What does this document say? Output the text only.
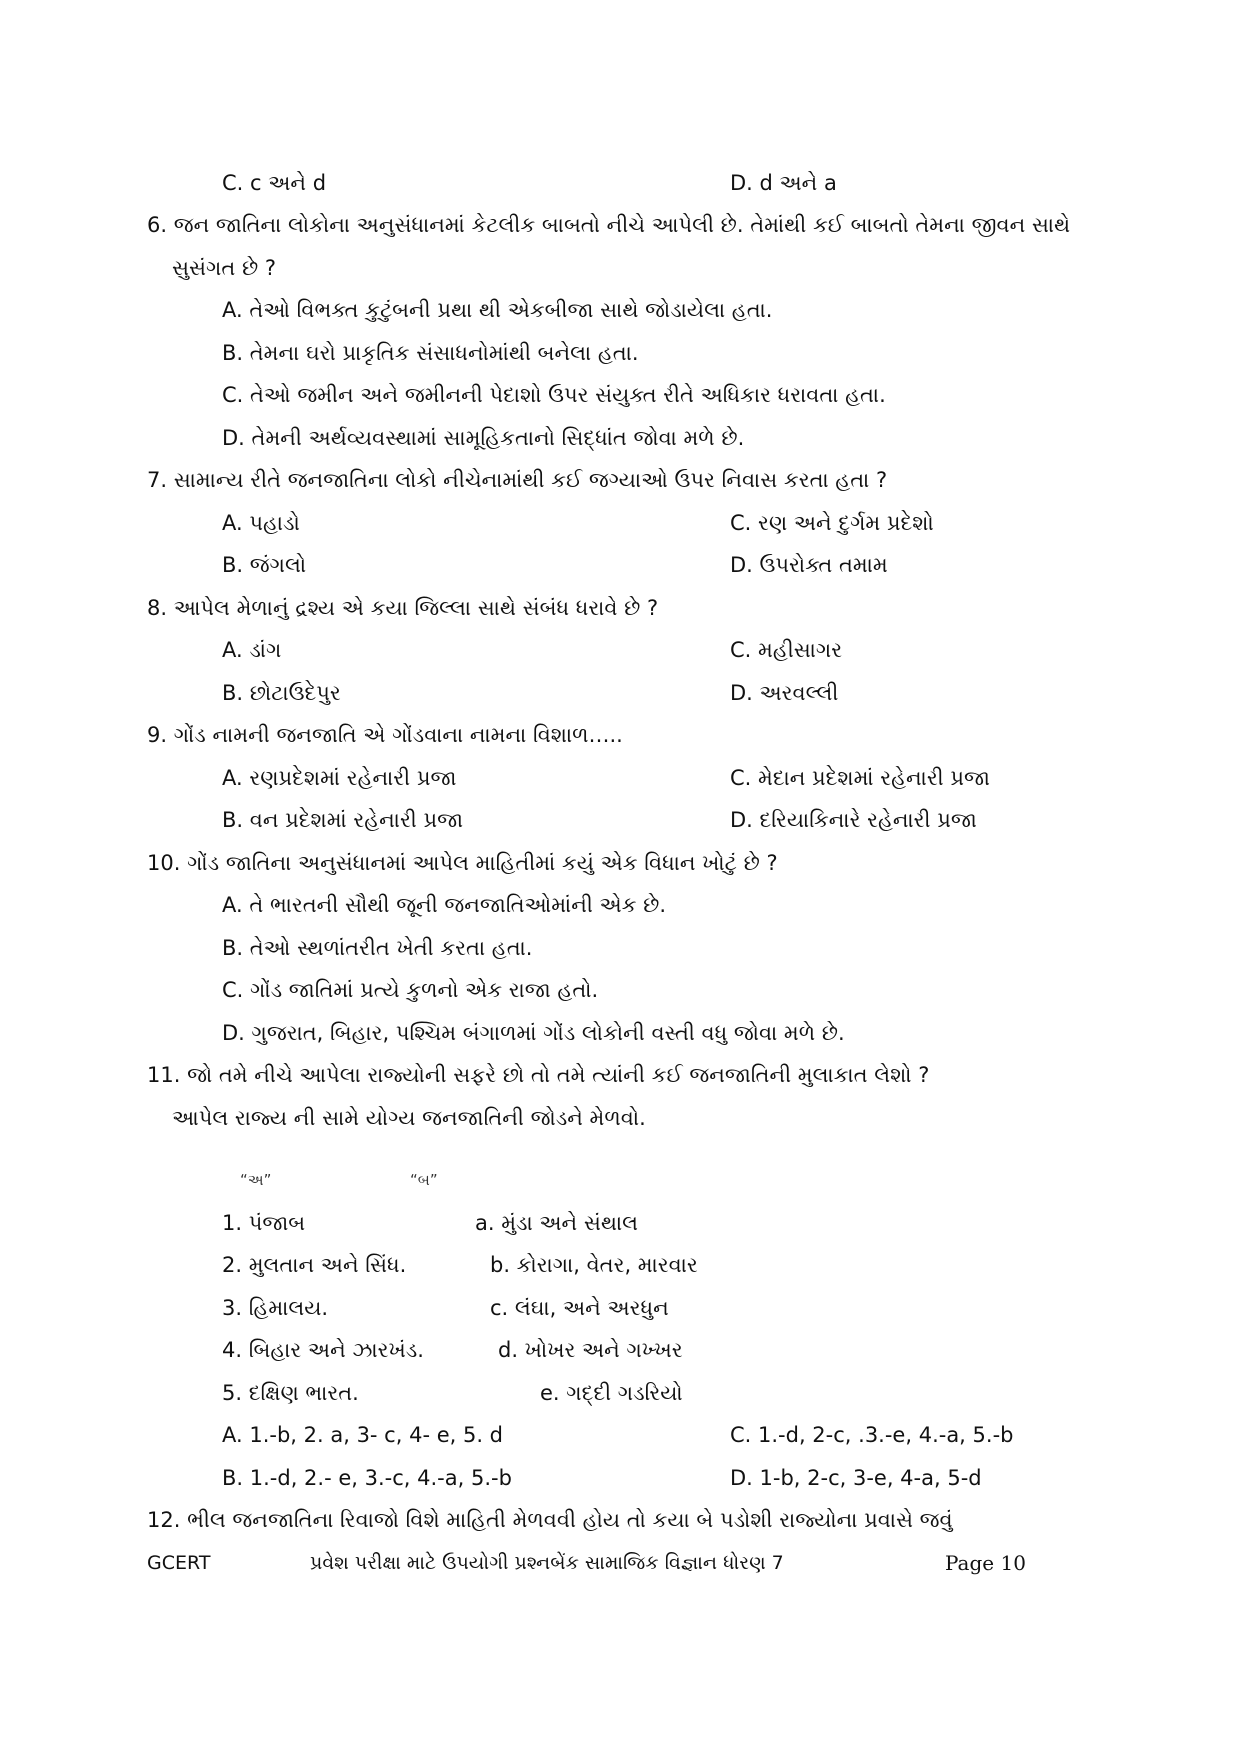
C. c અને d	D. d અને a
6. જન જાતિના લોકોના અનુસંધાનમાં કેટલીક બાબતો નીચે આપેલી છે. તેમાંથી કઈ બાબતો તેમના જીવન સાથે
સુસંગત છે ?
A. તેઓ વિભક્ત કુટુંબની પ્રથા થી એકબીજા સાથે જોડાયેલા હતા.
B. તેમના ઘરો પ્રાકૃતિક સંસાધનોમાંથી બનેલા હતા.
C. તેઓ જમીન અને જમીનની પેદાશો ઉપર સંયુક્ત રીતે અધિકાર ધરાવતા હતા.
D. તેમની અર્થવ્યવસ્થામાં સામૂહિકતાનો સિદ્ધાંત જોવા મળે છે.
7. સામાન્ય રીતે જનજાતિના લોકો નીચેનામાંથી કઈ જગ્યાઓ ઉપર નિવાસ કરતા હતા ?
A. પહાડો	C. રણ અને દુર્ગમ પ્રદેશો
B. જંગલો	D. ઉપરોક્ત તમામ
8. આપેલ મેળાનું દ્રશ્ય એ કયા જિલ્લા સાથે સંબંધ ધરાવે છે ?
A. ડાંગ	C. મહીસાગર
B. છોટાઉદેપુર	D. અરવલ્લી
9. ગોંડ નામની જનજાતિ એ ગોંડવાના નામના વિશાળ…..
A. રણપ્રદેશમાં રહેનારી પ્રજા	C. મેદાન પ્રદેશમાં રહેનારી પ્રજા
B. વન પ્રદેશમાં રહેનારી પ્રજા	D. દરિયાકિનારે રહેનારી પ્રજા
10. ગોંડ જાતિના અનુસંધાનમાં આપેલ માહિતીમાં કયું એક વિધાન ખોટું છે ?
A. તે ભારતની સૌથી જૂની જનજાતિઓમાંની એક છે.
B. તેઓ સ્થળાંતરીત ખેતી કરતા હતા.
C. ગોંડ જાતિમાં પ્રત્યે કુળનો એક રાજા હતો.
D. ગુજરાત, બિહાર, પશ્ચિમ બંગાળમાં ગોંડ લોકોની વસ્તી વધુ જોવા મળે છે.
11. જો તમે નીચે આપેલા રાજ્યોની સફરે છો તો તમે ત્યાંની કઈ જનજાતિની મુલાકાત લેશો ?
આપેલ રાજ્ય ની સામે યોગ્ય જનજાતિની જોડને મેળવો.
“અ”	“બ”
1. પંજાબ	a. મુંડા અને સંથાલ
2. મુલતાન અને સિંધ.	b. કોરાગા, વેતર, મારવાર
3. હિમાલય.	c. લંઘા, અને અરધુન
4. બિહાર અને ઝારખંડ.	d. ખોખર અને ગખ્ખર
5. દક્ષિણ ભારત.	e. ગદ્દી ગડરિયો
A. 1.-b, 2. a, 3- c, 4- e, 5. d	C. 1.-d, 2-c, .3.-e, 4.-a, 5.-b
B. 1.-d, 2.- e, 3.-c, 4.-a, 5.-b	D. 1-b, 2-c, 3-e, 4-a, 5-d
12. ભીલ જનજાતિના રિવાજો વિશે માહિતી મેળવવી હોય તો કયા બે પડોશી રાજ્યોના પ્રવાસે જવું
GCERT	પ્રવેશ પરીક્ષા માટે ઉપયોગી પ્રશ્નબેંક સામાજિક વિજ્ઞાન ધોરણ 7	Page 10
